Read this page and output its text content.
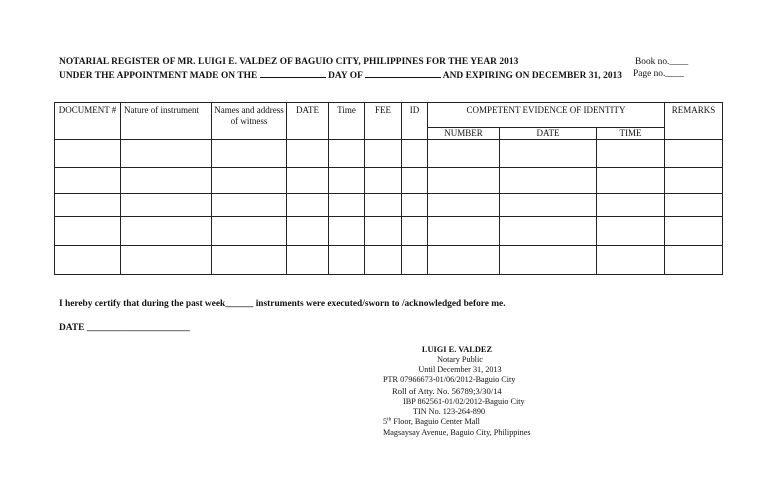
NOTARIAL REGISTER OF MR. LUIGI E. VALDEZ OF BAGUIO CITY, PHILIPPINES FOR THE YEAR 2013	Book no.____
UNDER THE APPOINTMENT MADE ON THE	DAY OF	AND EXPIRING ON DECEMBER 31, 2013 Page no.____
DOCUMENT #	Nature of instrument	Names and address of witness	DATE	Time	FEE	ID	COMPETENT EVIDENCE OF IDENTITY			REMARKS
							NUMBER	DATE	TIME	

I hereby certify that during the past week______ instruments were executed/sworn to /acknowledged before me.
DATE ______________________
LUIGI E. VALDEZ
Notary Public
Until December 31, 2013
PTR 07966673-01/06/2012-Baguio City
Roll of Atty. No. 56789;3/30/14
IBP 862561-01/02/2012-Baguio City
TIN No. 123-264-890
5th Floor, Baguio Center Mall
Magsaysay Avenue, Baguio City, Philippines
